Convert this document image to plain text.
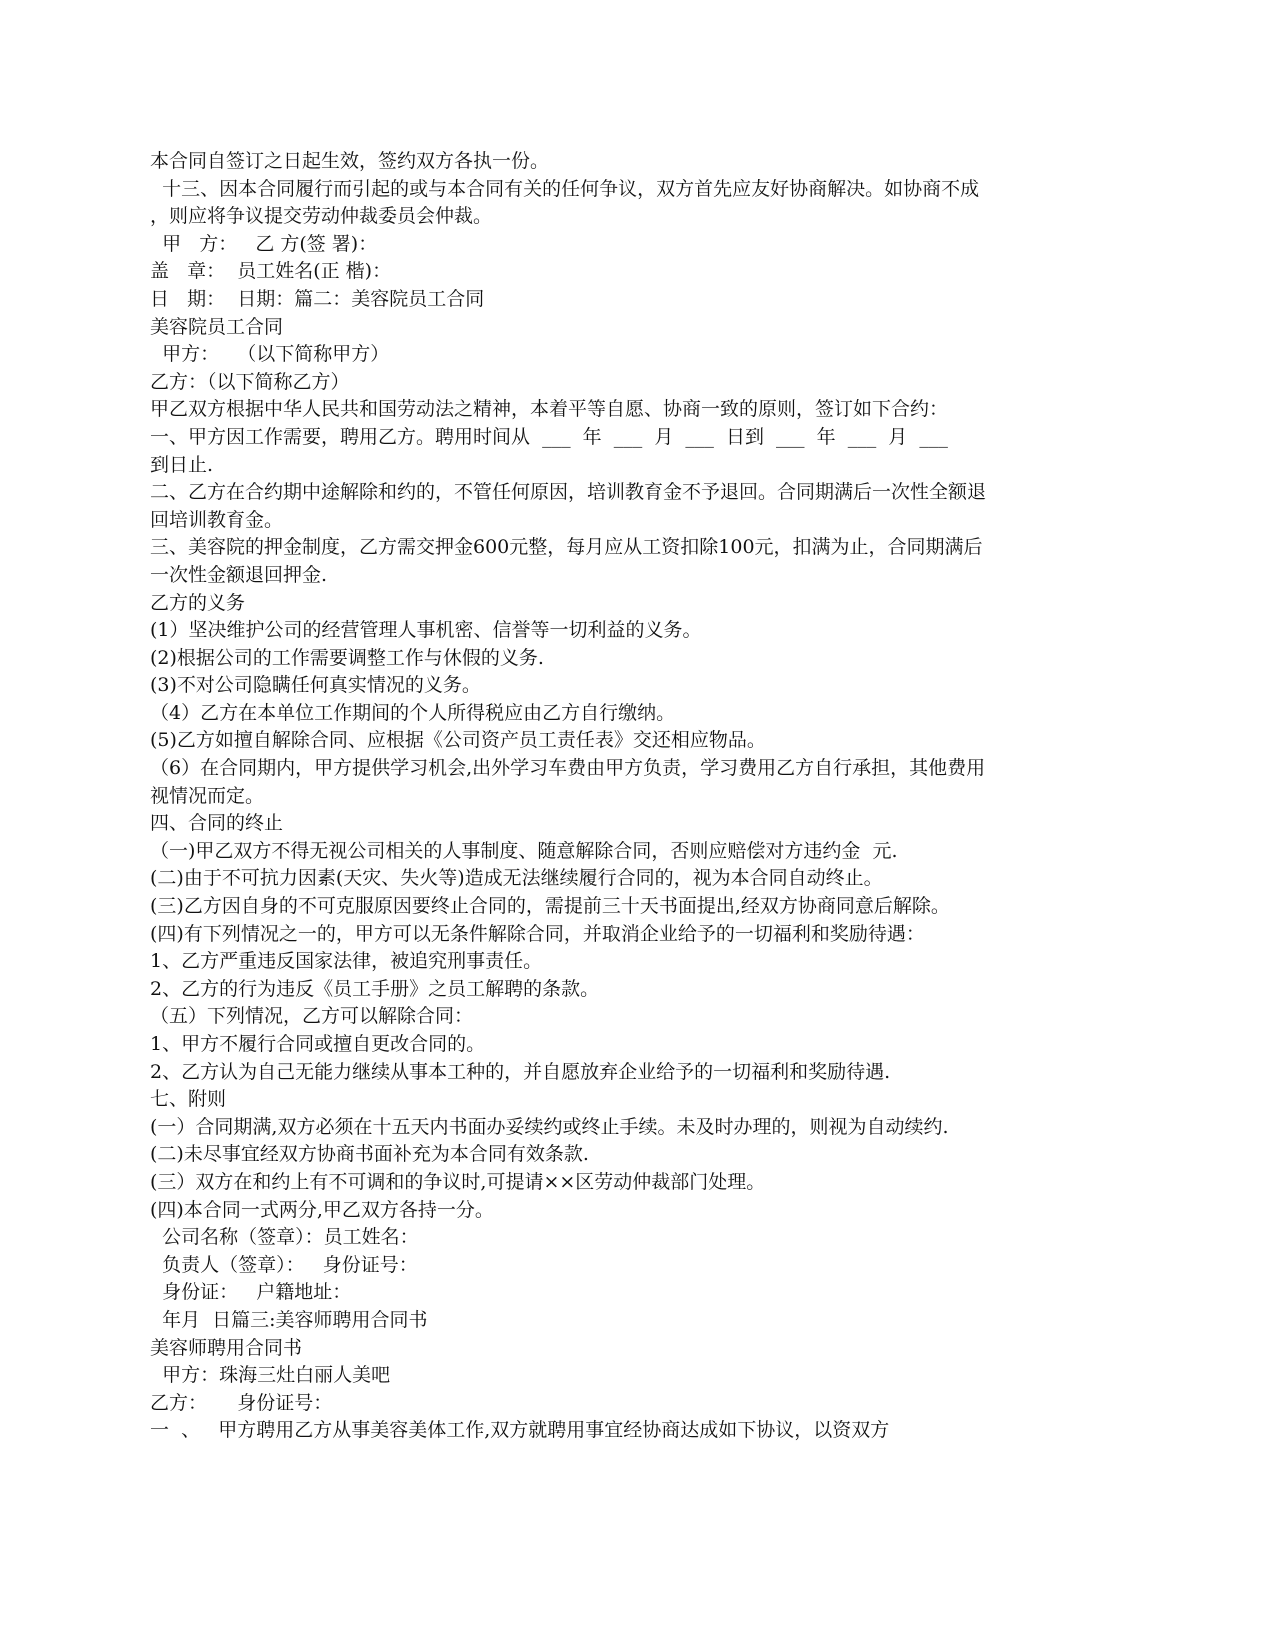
本合同自签订之日起生效，签约双方各执一份。
十三、因本合同履行而引起的或与本合同有关的任何争议，双方首先应友好协商解决。如协商不成
，则应将争议提交劳动仲裁委员会仲裁。
甲   方：   乙 方(签 署)：
盖   章：  员工姓名(正 楷)：
日   期：  日期：篇二：美容院员工合同
美容院员工合同
甲方：   （以下简称甲方）
乙方：（以下简称乙方）
甲乙双方根据中华人民共和国劳动法之精神，本着平等自愿、协商一致的原则，签订如下合约：
一、甲方因工作需要，聘用乙方。聘用时间从  ___  年  ___  月  ___  日到  ___  年  ___  月  ___
到日止.
二、乙方在合约期中途解除和约的，不管任何原因，培训教育金不予退回。合同期满后一次性全额退
回培训教育金。
三、美容院的押金制度，乙方需交押金600元整，每月应从工资扣除100元，扣满为止，合同期满后
一次性金额退回押金.
乙方的义务
(1）坚决维护公司的经营管理人事机密、信誉等一切利益的义务。
(2)根据公司的工作需要调整工作与休假的义务.
(3)不对公司隐瞒任何真实情况的义务。
（4）乙方在本单位工作期间的个人所得税应由乙方自行缴纳。
(5)乙方如擅自解除合同、应根据《公司资产员工责任表》交还相应物品。
（6）在合同期内，甲方提供学习机会,出外学习车费由甲方负责，学习费用乙方自行承担，其他费用
视情况而定。
四、合同的终止
（一)甲乙双方不得无视公司相关的人事制度、随意解除合同，否则应赔偿对方违约金  元.
(二)由于不可抗力因素(天灾、失火等)造成无法继续履行合同的，视为本合同自动终止。
(三)乙方因自身的不可克服原因要终止合同的，需提前三十天书面提出,经双方协商同意后解除。
(四)有下列情况之一的，甲方可以无条件解除合同，并取消企业给予的一切福利和奖励待遇：
1、乙方严重违反国家法律，被追究刑事责任。
2、乙方的行为违反《员工手册》之员工解聘的条款。
（五）下列情况，乙方可以解除合同：
1、甲方不履行合同或擅自更改合同的。
2、乙方认为自己无能力继续从事本工种的，并自愿放弃企业给予的一切福利和奖励待遇.
七、附则
(一）合同期满,双方必须在十五天内书面办妥续约或终止手续。未及时办理的，则视为自动续约.
(二)未尽事宜经双方协商书面补充为本合同有效条款.
(三）双方在和约上有不可调和的争议时,可提请××区劳动仲裁部门处理。
(四)本合同一式两分,甲乙双方各持一分。
公司名称（签章）：员工姓名：
负责人（签章）：   身份证号：
身份证：   户籍地址：
年月  日篇三:美容师聘用合同书
美容师聘用合同书
甲方：珠海三灶白丽人美吧
乙方：     身份证号：
一  、   甲方聘用乙方从事美容美体工作,双方就聘用事宜经协商达成如下协议，以资双方
